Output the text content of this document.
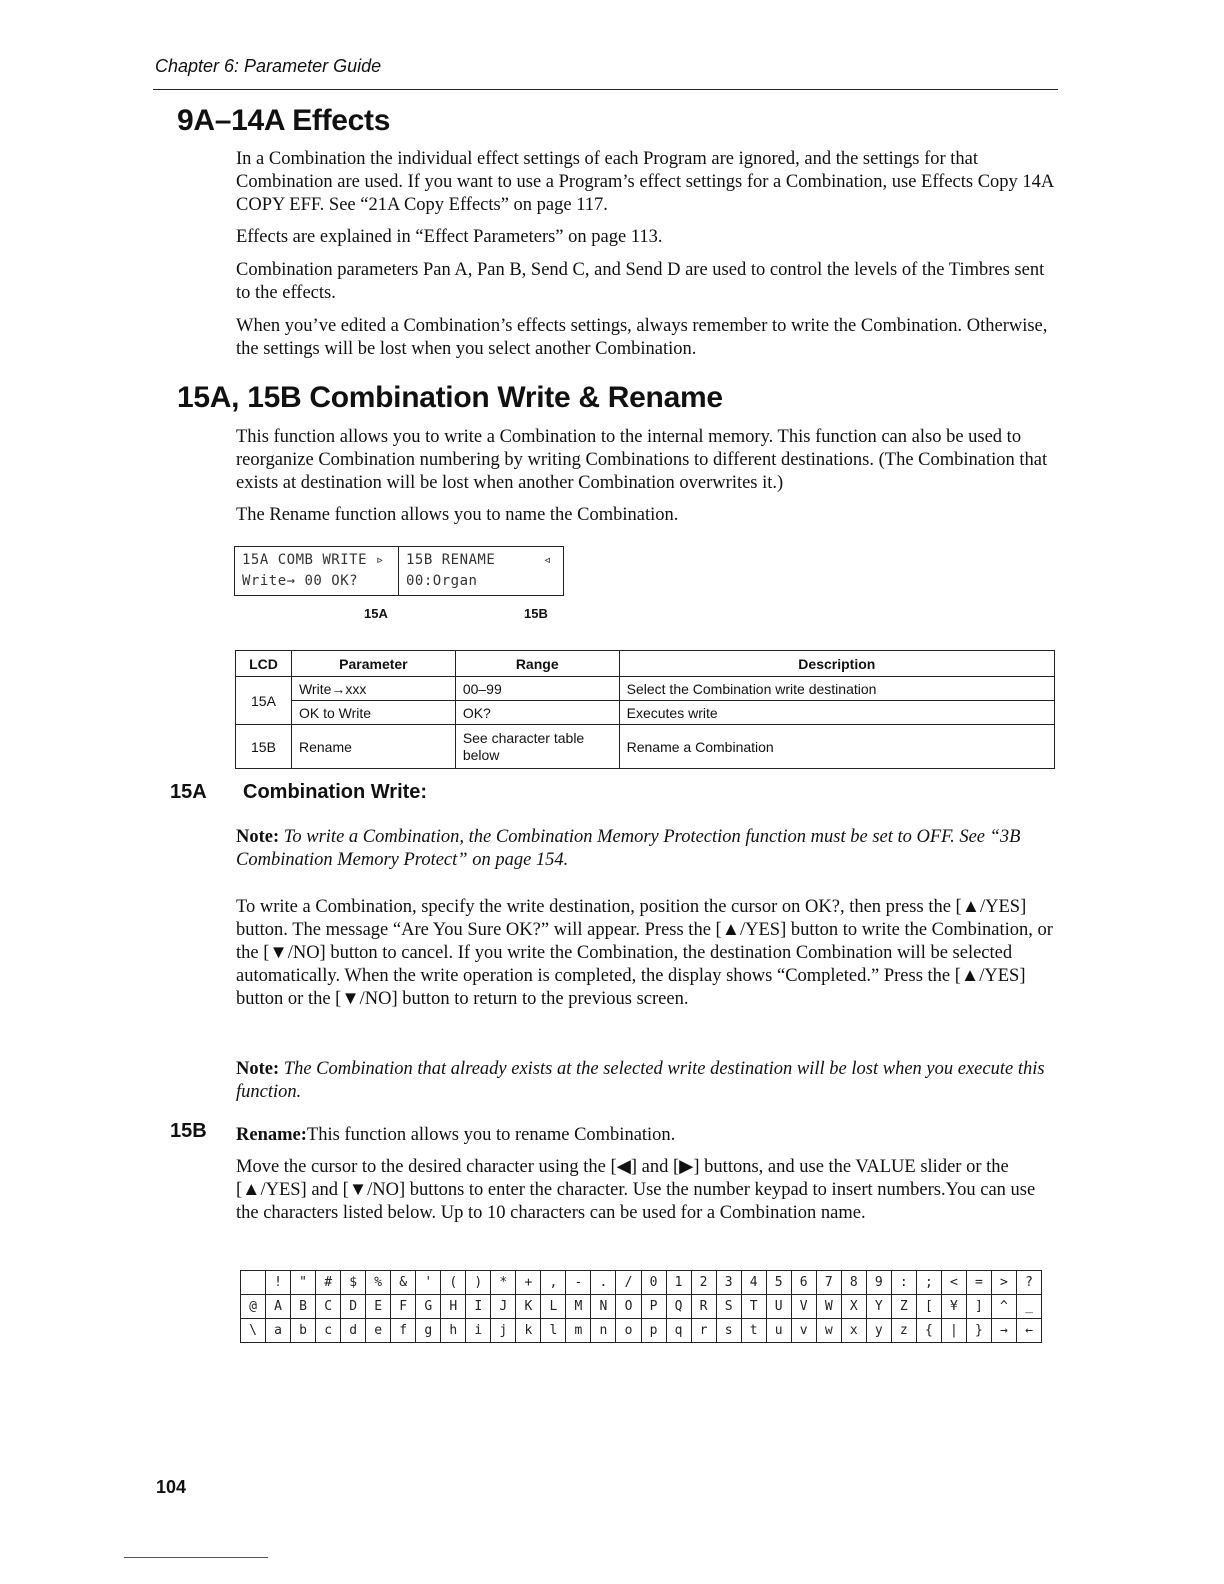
Chapter 6: Parameter Guide
9A–14A Effects

In a Combination the individual effect settings of each Program are ignored, and the settings for that Combination are used. If you want to use a Program’s effect settings for a Combination, use Effects Copy 14A COPY EFF. See “21A Copy Effects” on page 117.

Effects are explained in “Effect Parameters” on page 113.

Combination parameters Pan A, Pan B, Send C, and Send D are used to control the levels of the Timbres sent to the effects.

When you’ve edited a Combination’s effects settings, always remember to write the Combination. Otherwise, the settings will be lost when you select another Combination.

15A, 15B Combination Write & Rename

This function allows you to write a Combination to the internal memory. This function can also be used to reorganize Combination numbering by writing Combinations to different destinations. (The Combination that exists at destination will be lost when another Combination overwrites it.)

The Rename function allows you to name the Combination.

15A COMB WRITE ▹
Write→ 00 OK?
15B RENAME	◃
00:Organ
15A	15B
LCD	Parameter	Range	Description
15A	Write→xxx	00–99	Select the Combination write destination
	OK to Write	OK?	Executes write
15B	Rename	See character table below	Rename a Combination
15A Combination Write:

Note: To write a Combination, the Combination Memory Protection function must be set to OFF. See “3B Combination Memory Protect” on page 154.

To write a Combination, specify the write destination, position the cursor on OK?, then press the [▲/YES] button. The message “Are You Sure OK?” will appear. Press the [▲/YES] button to write the Combination, or the [▼/NO] button to cancel. If you write the Combination, the destination Combination will be selected automatically. When the write operation is completed, the display shows “Completed.” Press the [▲/YES] button or the [▼/NO] button to return to the previous screen.

Note: The Combination that already exists at the selected write destination will be lost when you execute this function.

15B Rename:This function allows you to rename Combination.

Move the cursor to the desired character using the [◀] and [▶] buttons, and use the VALUE slider or the [▲/YES] and [▼/NO] buttons to enter the character. Use the number keypad to insert numbers.You can use the characters listed below. Up to 10 characters can be used for a Combination name.

	!	"	#	$	%	&	'	(	)	*	+	,	-	.	/	0	1	2	3	4	5	6	7	8	9	:	;	<	=	>	?
@	A	B	C	D	E	F	G	H	I	J	K	L	M	N	O	P	Q	R	S	T	U	V	W	X	Y	Z	[	¥	]	^	_
\	a	b	c	d	e	f	g	h	i	j	k	l	m	n	o	p	q	r	s	t	u	v	w	x	y	z	{	|	}	→	←
104
